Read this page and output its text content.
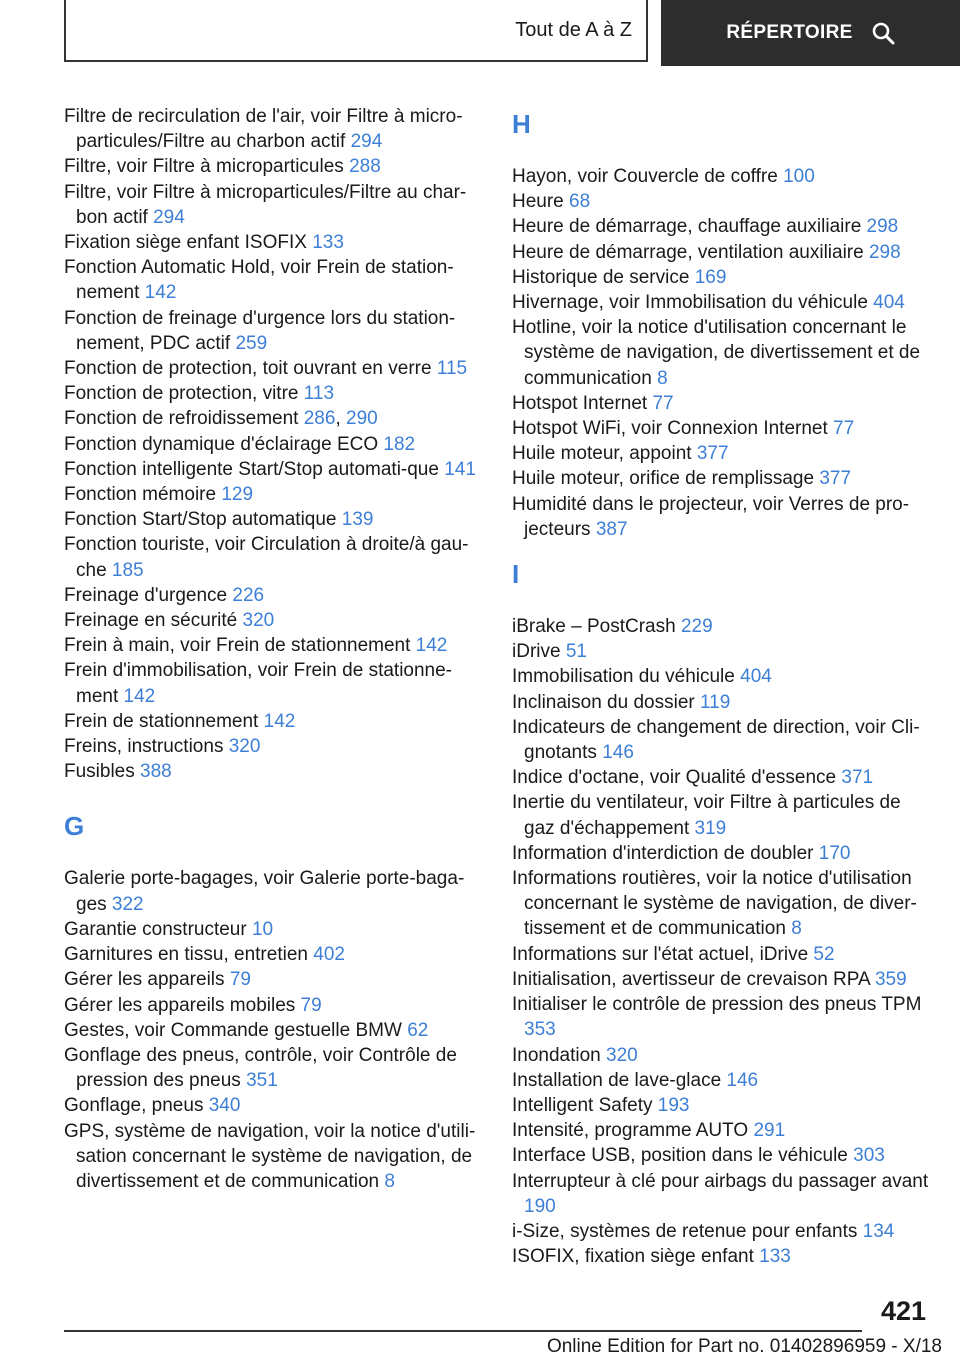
Tout de A à Z	RÉPERTOIRE
Filtre de recirculation de l'air, voir Filtre à micro-particules/Filtre au charbon actif 294
Filtre, voir Filtre à microparticules 288
Filtre, voir Filtre à microparticules/Filtre au char-bon actif 294
Fixation siège enfant ISOFIX 133
Fonction Automatic Hold, voir Frein de station-nement 142
Fonction de freinage d'urgence lors du station-nement, PDC actif 259
Fonction de protection, toit ouvrant en verre 115
Fonction de protection, vitre 113
Fonction de refroidissement 286, 290
Fonction dynamique d'éclairage ECO 182
Fonction intelligente Start/Stop automati-que 141
Fonction mémoire 129
Fonction Start/Stop automatique 139
Fonction touriste, voir Circulation à droite/à gau-che 185
Freinage d'urgence 226
Freinage en sécurité 320
Frein à main, voir Frein de stationnement 142
Frein d'immobilisation, voir Frein de stationne-ment 142
Frein de stationnement 142
Freins, instructions 320
Fusibles 388
G
Galerie porte-bagages, voir Galerie porte-baga-ges 322
Garantie constructeur 10
Garnitures en tissu, entretien 402
Gérer les appareils 79
Gérer les appareils mobiles 79
Gestes, voir Commande gestuelle BMW 62
Gonflage des pneus, contrôle, voir Contrôle de pression des pneus 351
Gonflage, pneus 340
GPS, système de navigation, voir la notice d'utili-sation concernant le système de navigation, de divertissement et de communication 8
H
Hayon, voir Couvercle de coffre 100
Heure 68
Heure de démarrage, chauffage auxiliaire 298
Heure de démarrage, ventilation auxiliaire 298
Historique de service 169
Hivernage, voir Immobilisation du véhicule 404
Hotline, voir la notice d'utilisation concernant le système de navigation, de divertissement et de communication 8
Hotspot Internet 77
Hotspot WiFi, voir Connexion Internet 77
Huile moteur, appoint 377
Huile moteur, orifice de remplissage 377
Humidité dans le projecteur, voir Verres de pro-jecteurs 387
I
iBrake – PostCrash 229
iDrive 51
Immobilisation du véhicule 404
Inclinaison du dossier 119
Indicateurs de changement de direction, voir Cli-gnotants 146
Indice d'octane, voir Qualité d'essence 371
Inertie du ventilateur, voir Filtre à particules de gaz d'échappement 319
Information d'interdiction de doubler 170
Informations routières, voir la notice d'utilisation concernant le système de navigation, de diver-tissement et de communication 8
Informations sur l'état actuel, iDrive 52
Initialisation, avertisseur de crevaison RPA 359
Initialiser le contrôle de pression des pneus TPM 353
Inondation 320
Installation de lave-glace 146
Intelligent Safety 193
Intensité, programme AUTO 291
Interface USB, position dans le véhicule 303
Interrupteur à clé pour airbags du passager avant 190
i-Size, systèmes de retenue pour enfants 134
ISOFIX, fixation siège enfant 133
421
Online Edition for Part no. 01402896959 - X/18
